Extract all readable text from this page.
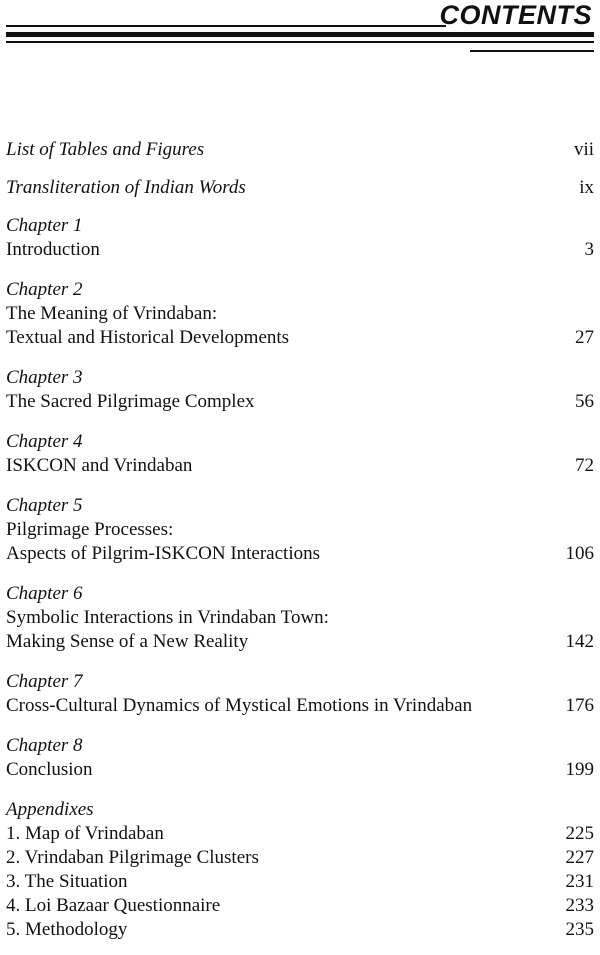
CONTENTS
List of Tables and Figures	vii
Transliteration of Indian Words	ix
Chapter 1
Introduction	3
Chapter 2
The Meaning of Vrindaban:
Textual and Historical Developments	27
Chapter 3
The Sacred Pilgrimage Complex	56
Chapter 4
ISKCON and Vrindaban	72
Chapter 5
Pilgrimage Processes:
Aspects of Pilgrim-ISKCON Interactions	106
Chapter 6
Symbolic Interactions in Vrindaban Town:
Making Sense of a New Reality	142
Chapter 7
Cross-Cultural Dynamics of Mystical Emotions in Vrindaban	176
Chapter 8
Conclusion	199
Appendixes
1. Map of Vrindaban	225
2. Vrindaban Pilgrimage Clusters	227
3. The Situation	231
4. Loi Bazaar Questionnaire	233
5. Methodology	235
